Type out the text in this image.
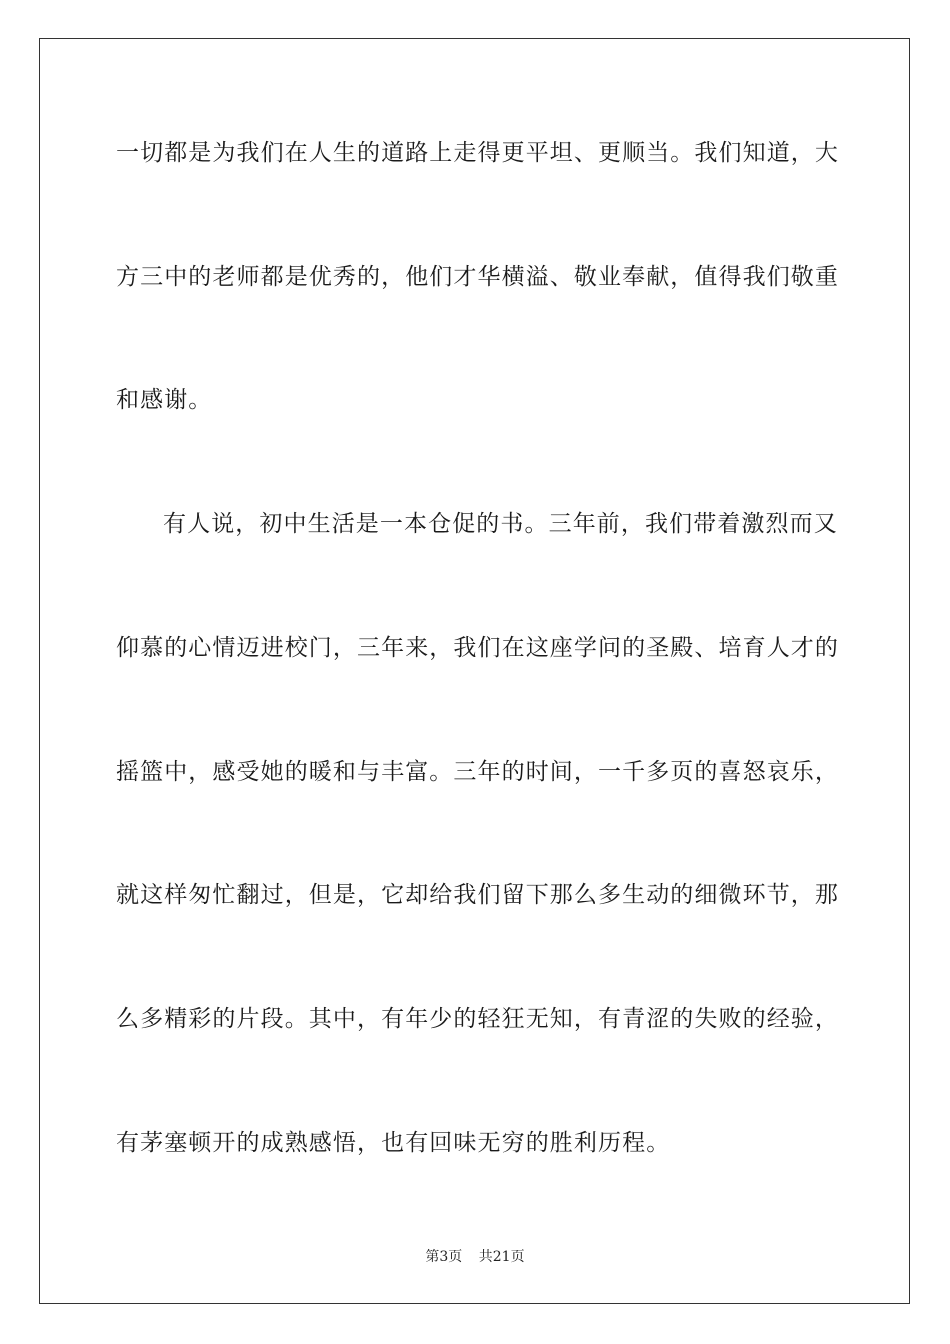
一切都是为我们在人生的道路上走得更平坦、更顺当。我们知道，大
方三中的老师都是优秀的，他们才华横溢、敬业奉献，值得我们敬重
和感谢。
有人说，初中生活是一本仓促的书。三年前，我们带着激烈而又
仰慕的心情迈进校门，三年来，我们在这座学问的圣殿、培育人才的
摇篮中，感受她的暖和与丰富。三年的时间，一千多页的喜怒哀乐，
就这样匆忙翻过，但是，它却给我们留下那么多生动的细微环节，那
么多精彩的片段。其中，有年少的轻狂无知，有青涩的失败的经验，
有茅塞顿开的成熟感悟，也有回味无穷的胜利历程。
第3页 共21页
